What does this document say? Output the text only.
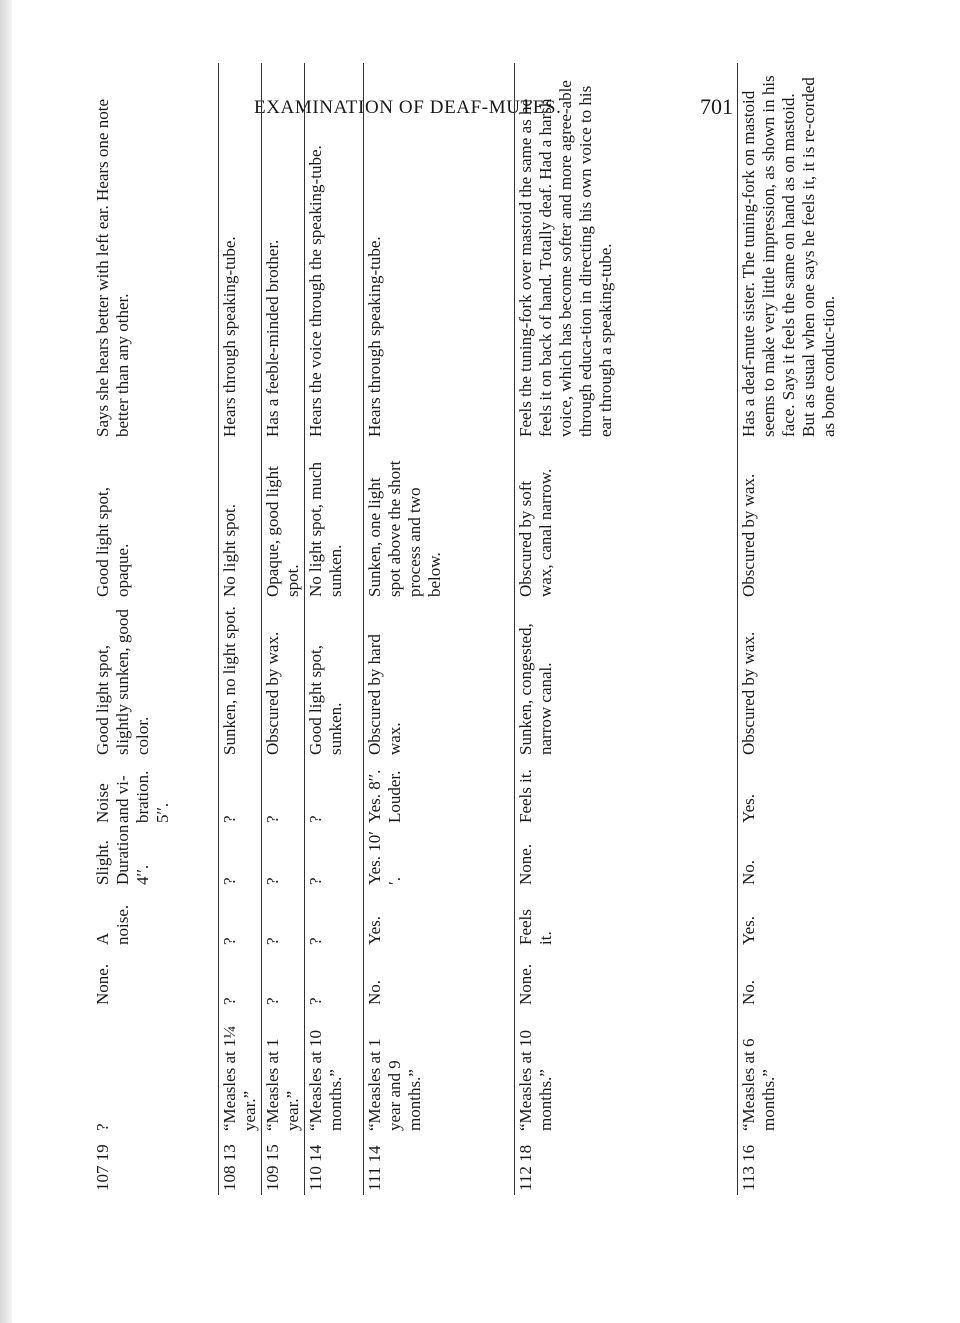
EXAMINATION OF DEAF-MUTES.	701
107 19	?	None.	A noise.	Slight. Duration 4′′.	Noise and vi-bration. 5′′.	Good light spot, slightly sunken, good color.	Good light spot, opaque.	Says she hears better with left ear. Hears one note better than any other.
108 13	“Measles at 1¼ year.”	?	?	?	?	Sunken, no light spot.	No light spot.	Hears through speaking-tube.
109 15	“Measles at 1 year.”	?	?	?	?	Obscured by wax.	Opaque, good light spot.	Has a feeble-minded brother.
110 14	“Measles at 10 months.”	?	?	?	?	Good light spot, sunken.	No light spot, much sunken.	Hears the voice through the speaking-tube.
111 14	“Measles at 1 year and 9 months.”	No.	Yes.	Yes. 10′′.	Yes. 8′′. Louder.	Obscured by hard wax.	Sunken, one light spot above the short process and two below.	Hears through speaking-tube.
112 18	“Measles at 10 months.”	None.	Feels it.	None.	Feels it.	Sunken, congested, narrow canal.	Obscured by soft wax, canal narrow.	Feels the tuning-fork over mastoid the same as he feels it on back of hand. Totally deaf. Had a harsh voice, which has become softer and more agree-able through educa-tion in directing his own voice to his ear through a speaking-tube.
113 16	“Measles at 6 months.”	No.	Yes.	No.	Yes.	Obscured by wax.	Obscured by wax.	Has a deaf-mute sister. The tuning-fork on mastoid seems to make very little impression, as shown in his face. Says it feels the same on hand as on mastoid. But as usual when one says he feels it, it is re-corded as bone conduc-tion.
